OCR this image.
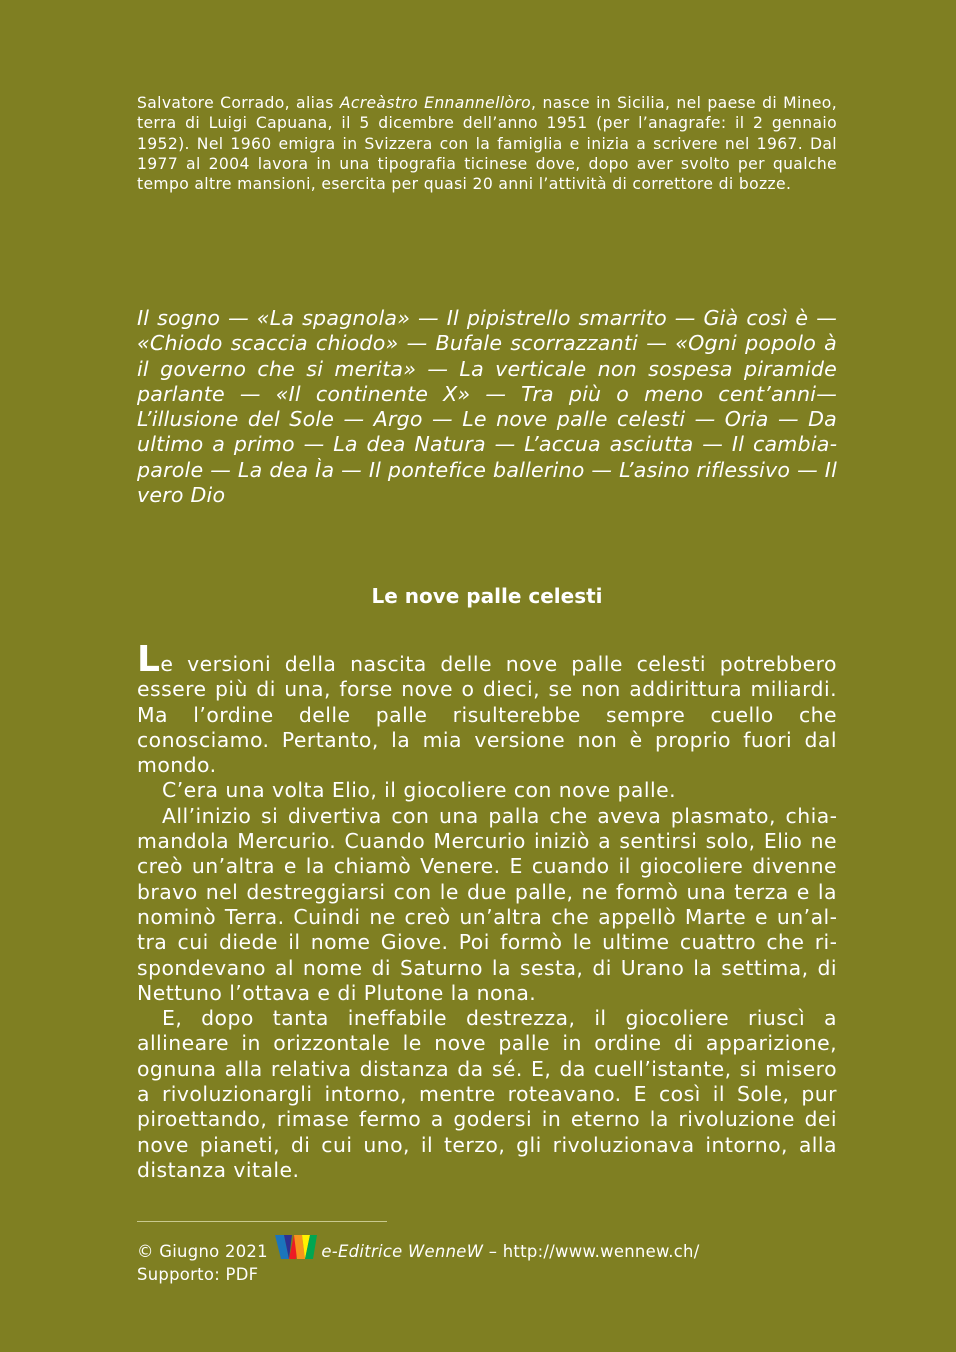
Salvatore Corrado, alias Acreàstro Ennannellòro, nasce in Sicilia, nel paese di Mineo, terra di Luigi Capuana, il 5 dicembre dell’anno 1951 (per l’anagrafe: il 2 gennaio 1952). Nel 1960 emigra in Svizzera con la famiglia e inizia a scrivere nel 1967. Dal 1977 al 2004 lavora in una tipografia ticinese dove, dopo aver svolto per qualche tempo altre mansioni, esercita per quasi 20 anni l’attività di correttore di bozze.
Il sogno — «La spagnola» — Il pipistrello smarrito — Già così è — «Chiodo scaccia chiodo» — Bufale scorrazzanti — «Ogni popolo à il governo che si merita» — La verticale non sospesa piramide parlante — «Il continente X» — Tra più o meno cent’anni— L’illusione del Sole — Argo — Le nove palle celesti — Oria — Da ultimo a primo — La dea Natura — L’accua asciutta — Il cambiaparole — La dea Ìa — Il pontefice ballerino — L’asino riflessivo — Il vero Dio
Le nove palle celesti

Le versioni della nascita delle nove palle celesti potrebbero essere più di una, forse nove o dieci, se non addirittura miliardi. Ma l’ordine delle palle risulterebbe sempre cuello che conosciamo. Pertanto, la mia versione non è proprio fuori dal mondo.

C’era una volta Elio, il giocoliere con nove palle.

All’inizio si divertiva con una palla che aveva plasmato, chiamandola Mercurio. Cuando Mercurio iniziò a sentirsi solo, Elio ne creò un’altra e la chiamò Venere. E cuando il giocoliere divenne bravo nel destreggiarsi con le due palle, ne formò una terza e la nominò Terra. Cuindi ne creò un’altra che appellò Marte e un’altra cui diede il nome Giove. Poi formò le ultime cuattro che rispondevano al nome di Saturno la sesta, di Urano la settima, di Nettuno l’ottava e di Plutone la nona.

E, dopo tanta ineffabile destrezza, il giocoliere riuscì a allineare in orizzontale le nove palle in ordine di apparizione, ognuna alla relativa distanza da sé. E, da cuell’istante, si misero a rivoluzionargli intorno, mentre roteavano. E così il Sole, pur piroettando, rimase fermo a godersi in eterno la rivoluzione dei nove pianeti, di cui uno, il terzo, gli rivoluzionava intorno, alla distanza vitale.

© Giugno 2021	e-Editrice WenneW – http://www.wennew.ch/
Supporto: PDF
